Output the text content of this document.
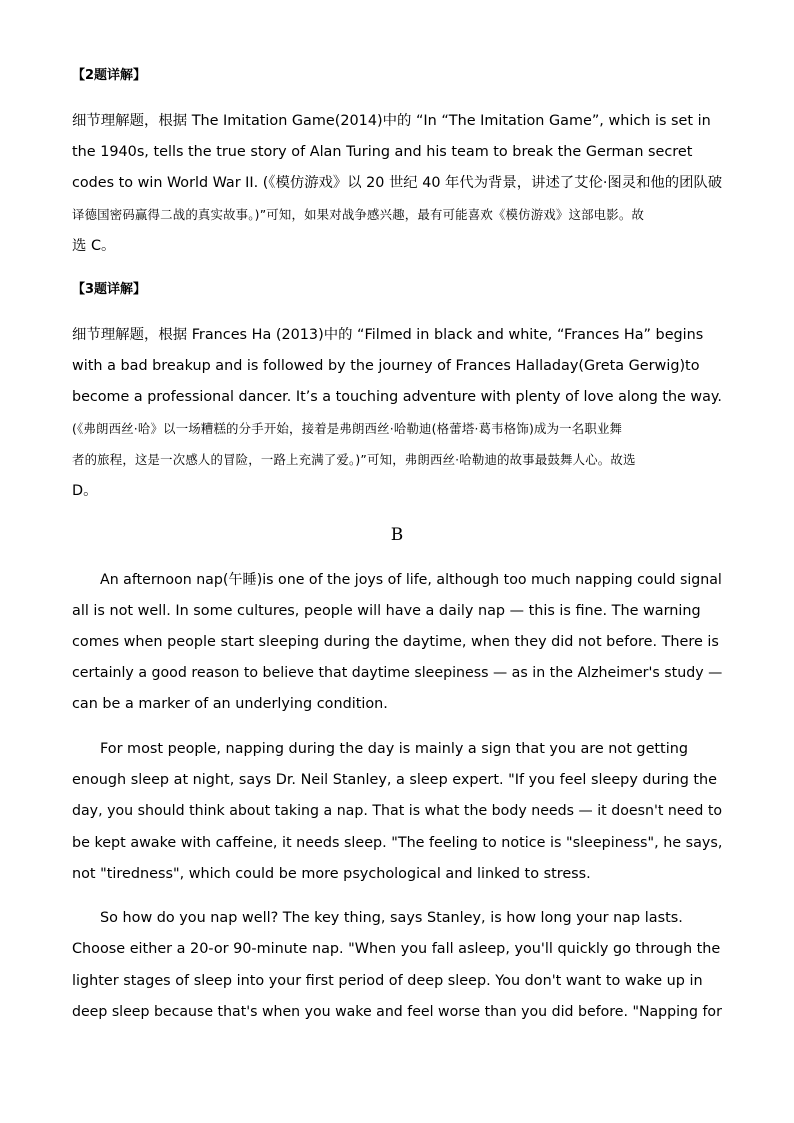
【2题详解】
细节理解题，根据 The Imitation Game(2014)中的 “In “The Imitation Game”, which is set in
the 1940s, tells the true story of Alan Turing and his team to break the German secret
codes to win World War II. (《模仿游戏》以 20 世纪 40 年代为背景，讲述了艾伦·图灵和他的团队破
译德国密码赢得二战的真实故事。)”可知，如果对战争感兴趣，最有可能喜欢《模仿游戏》这部电影。故
选 C。
【3题详解】
细节理解题，根据 Frances Ha (2013)中的 “Filmed in black and white, “Frances Ha” begins
with a bad breakup and is followed by the journey of Frances Halladay(Greta Gerwig)to
become a professional dancer. It’s a touching adventure with plenty of love along the way.
(《弗朗西丝·哈》以一场糟糕的分手开始，接着是弗朗西丝·哈勒迪(格蕾塔·葛韦格饰)成为一名职业舞
者的旅程，这是一次感人的冒险，一路上充满了爱。)”可知，弗朗西丝·哈勒迪的故事最鼓舞人心。故选
D。
B
An afternoon nap(午睡)is one of the joys of life, although too much napping could signal
all is not well. In some cultures, people will have a daily nap — this is fine. The warning
comes when people start sleeping during the daytime, when they did not before. There is
certainly a good reason to believe that daytime sleepiness — as in the Alzheimer's study —
can be a marker of an underlying condition.
For most people, napping during the day is mainly a sign that you are not getting
enough sleep at night, says Dr. Neil Stanley, a sleep expert. "If you feel sleepy during the
day, you should think about taking a nap. That is what the body needs — it doesn't need to
be kept awake with caffeine, it needs sleep. "The feeling to notice is "sleepiness", he says,
not "tiredness", which could be more psychological and linked to stress.
So how do you nap well? The key thing, says Stanley, is how long your nap lasts.
Choose either a 20-or 90-minute nap. "When you fall asleep, you'll quickly go through the
lighter stages of sleep into your first period of deep sleep. You don't want to wake up in
deep sleep because that's when you wake and feel worse than you did before. "Napping for
